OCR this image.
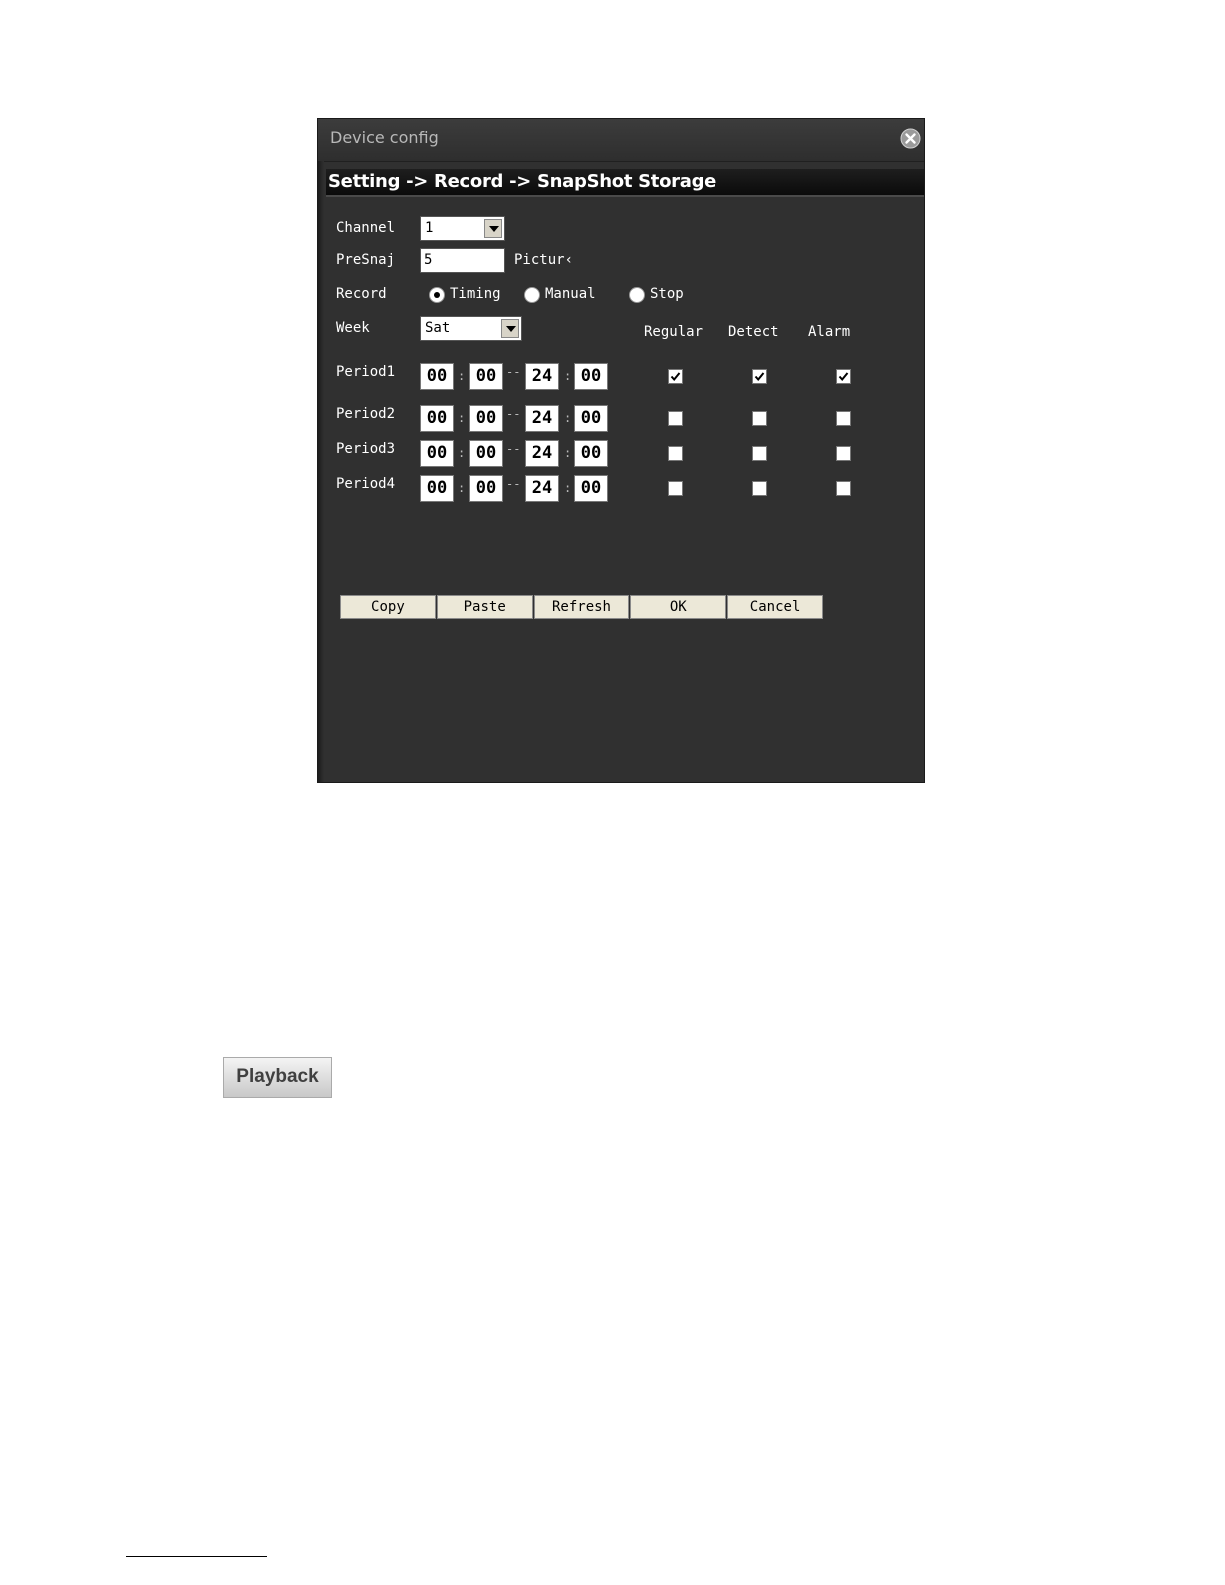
Device config
Setting -> Record -> SnapShot Storage
Channel 1
PreSnaj 5	Pictur‹
Record	Timing	Manual	Stop
Week	Sat	Regular Detect Alarm
Period1	00 : 00 -- 24 : 00
Period2	00 : 00 -- 24 : 00
Period3	00 : 00 -- 24 : 00
Period4	00 : 00 -- 24 : 00
Copy	Paste	Refresh	OK	Cancel
Playback
